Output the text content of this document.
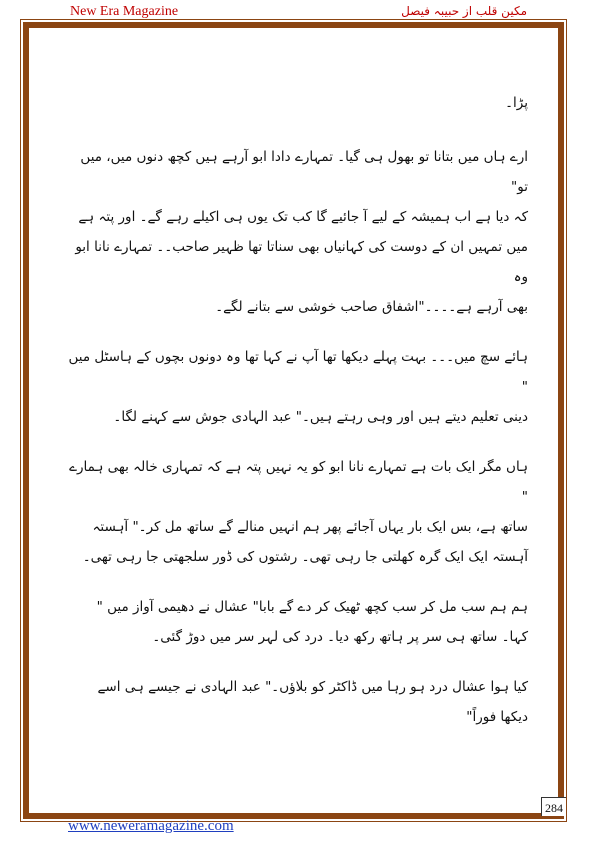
New Era Magazine	مکین قلب از حبیبہ فیصل

پڑا۔

ارے ہاں میں بتانا تو بھول ہی گیا۔ تمہارے دادا ابو آرہے ہیں کچھ دنوں میں، میں تو"

کہ دیا ہے اب ہمیشہ کے لیے آ جائیے گا کب تک یوں ہی اکیلے رہے گے۔ اور پتہ ہے

میں تمہیں ان کے دوست کی کہانیاں بھی سناتا تھا ظہیر صاحب۔۔ تمہارے نانا ابو وہ

بھی آرہے ہے۔۔۔۔"اشفاق صاحب خوشی سے بتانے لگے۔

ہائے سچ میں۔۔۔ بہت پہلے دیکھا تھا آپ نے کہا تھا وہ دونوں بچوں کے ہاسٹل میں "

دینی تعلیم دیتے ہیں اور وہی رہتے ہیں۔" عبد الہادی جوش سے کہنے لگا۔

ہاں مگر ایک بات ہے تمہارے نانا ابو کو یہ نہیں پتہ ہے کہ تمہاری خالہ بھی ہمارے "

ساتھ ہے، بس ایک بار یہاں آجائے پھر ہم انہیں منالے گے ساتھ مل کر۔" آہستہ

آہستہ ایک ایک گرہ کھلتی جا رہی تھی۔ رشتوں کی ڈور سلجھتی جا رہی تھی۔

ہم ہم سب مل کر سب کچھ ٹھیک کر دے گے بابا" عشال نے دھیمی آواز میں "

کہا۔ ساتھ ہی سر پر ہاتھ رکھ دیا۔ درد کی لہر سر میں دوڑ گئی۔

کیا ہوا عشال درد ہو رہا میں ڈاکٹر کو بلاؤں۔" عبد الہادی نے جیسے ہی اسے دیکھا فوراً"

284
www.neweramagazine.com
